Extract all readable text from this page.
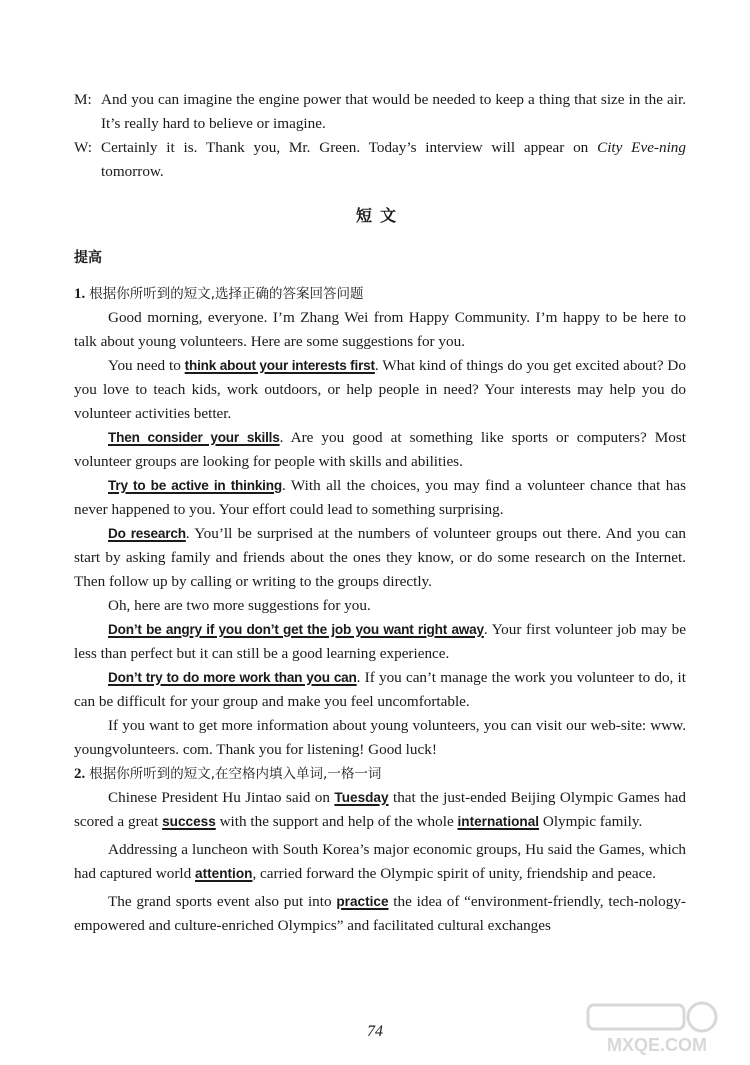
M: And you can imagine the engine power that would be needed to keep a thing that size in the air. It’s really hard to believe or imagine.

W: Certainly it is. Thank you, Mr. Green. Today’s interview will appear on City Eve-ning tomorrow.

短文
提高

1. 根据你所听到的短文,选择正确的答案回答问题

Good morning, everyone. I’m Zhang Wei from Happy Community. I’m happy to be here to talk about young volunteers. Here are some suggestions for you.

You need to think about your interests first. What kind of things do you get excited about? Do you love to teach kids, work outdoors, or help people in need? Your interests may help you do volunteer activities better.

Then consider your skills. Are you good at something like sports or computers? Most volunteer groups are looking for people with skills and abilities.

Try to be active in thinking. With all the choices, you may find a volunteer chance that has never happened to you. Your effort could lead to something surprising.

Do research. You’ll be surprised at the numbers of volunteer groups out there. And you can start by asking family and friends about the ones they know, or do some research on the Internet. Then follow up by calling or writing to the groups directly.

Oh, here are two more suggestions for you.

Don’t be angry if you don’t get the job you want right away. Your first volunteer job may be less than perfect but it can still be a good learning experience.

Don’t try to do more work than you can. If you can’t manage the work you volunteer to do, it can be difficult for your group and make you feel uncomfortable.

If you want to get more information about young volunteers, you can visit our web-site: www. youngvolunteers. com. Thank you for listening! Good luck!

2. 根据你所听到的短文,在空格内填入单词,一格一词

Chinese President Hu Jintao said on Tuesday that the just-ended Beijing Olympic Games had scored a great success with the support and help of the whole international Olympic family.

Addressing a luncheon with South Korea’s major economic groups, Hu said the Games, which had captured world attention, carried forward the Olympic spirit of unity, friendship and peace.

The grand sports event also put into practice the idea of “environment-friendly, tech-nology-empowered and culture-enriched Olympics” and facilitated cultural exchanges

74
MXQE.COM
